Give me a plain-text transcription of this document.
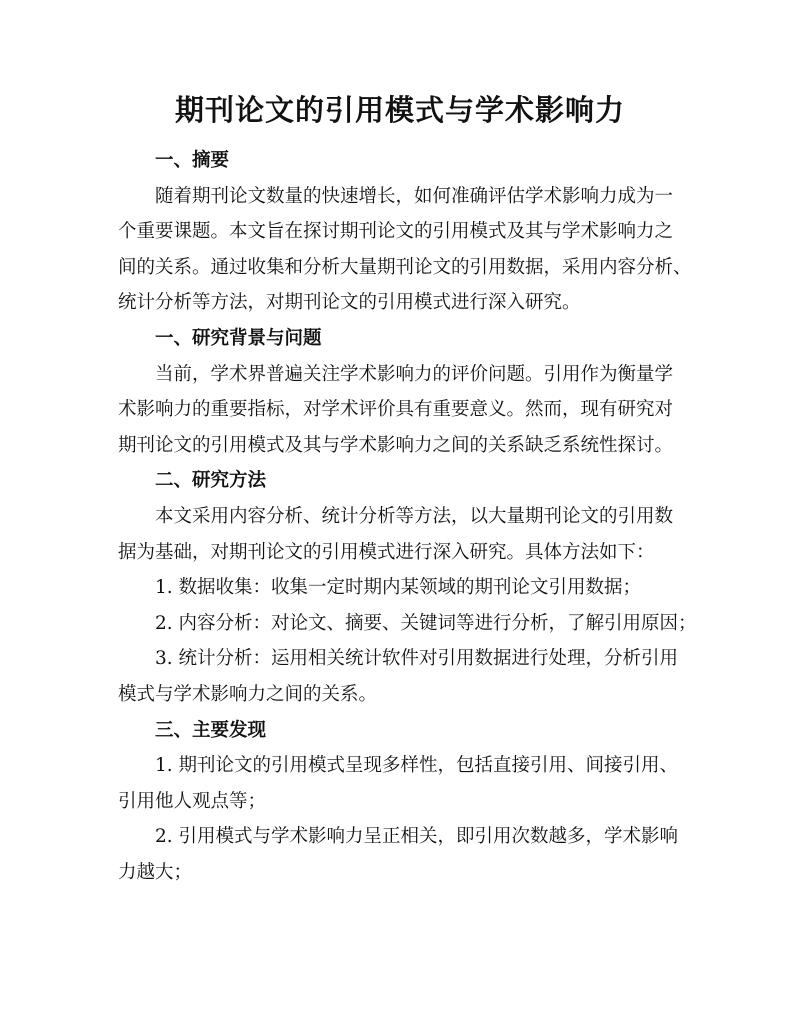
期刊论文的引用模式与学术影响力
一、摘要
随着期刊论文数量的快速增长，如何准确评估学术影响力成为一
个重要课题。本文旨在探讨期刊论文的引用模式及其与学术影响力之
间的关系。通过收集和分析大量期刊论文的引用数据，采用内容分析、
统计分析等方法，对期刊论文的引用模式进行深入研究。
一、研究背景与问题
当前，学术界普遍关注学术影响力的评价问题。引用作为衡量学
术影响力的重要指标，对学术评价具有重要意义。然而，现有研究对
期刊论文的引用模式及其与学术影响力之间的关系缺乏系统性探讨。
二、研究方法
本文采用内容分析、统计分析等方法，以大量期刊论文的引用数
据为基础，对期刊论文的引用模式进行深入研究。具体方法如下：
1. 数据收集：收集一定时期内某领域的期刊论文引用数据；
2. 内容分析：对论文、摘要、关键词等进行分析，了解引用原因；
3. 统计分析：运用相关统计软件对引用数据进行处理，分析引用
模式与学术影响力之间的关系。
三、主要发现
1. 期刊论文的引用模式呈现多样性，包括直接引用、间接引用、
引用他人观点等；
2. 引用模式与学术影响力呈正相关，即引用次数越多，学术影响
力越大；
